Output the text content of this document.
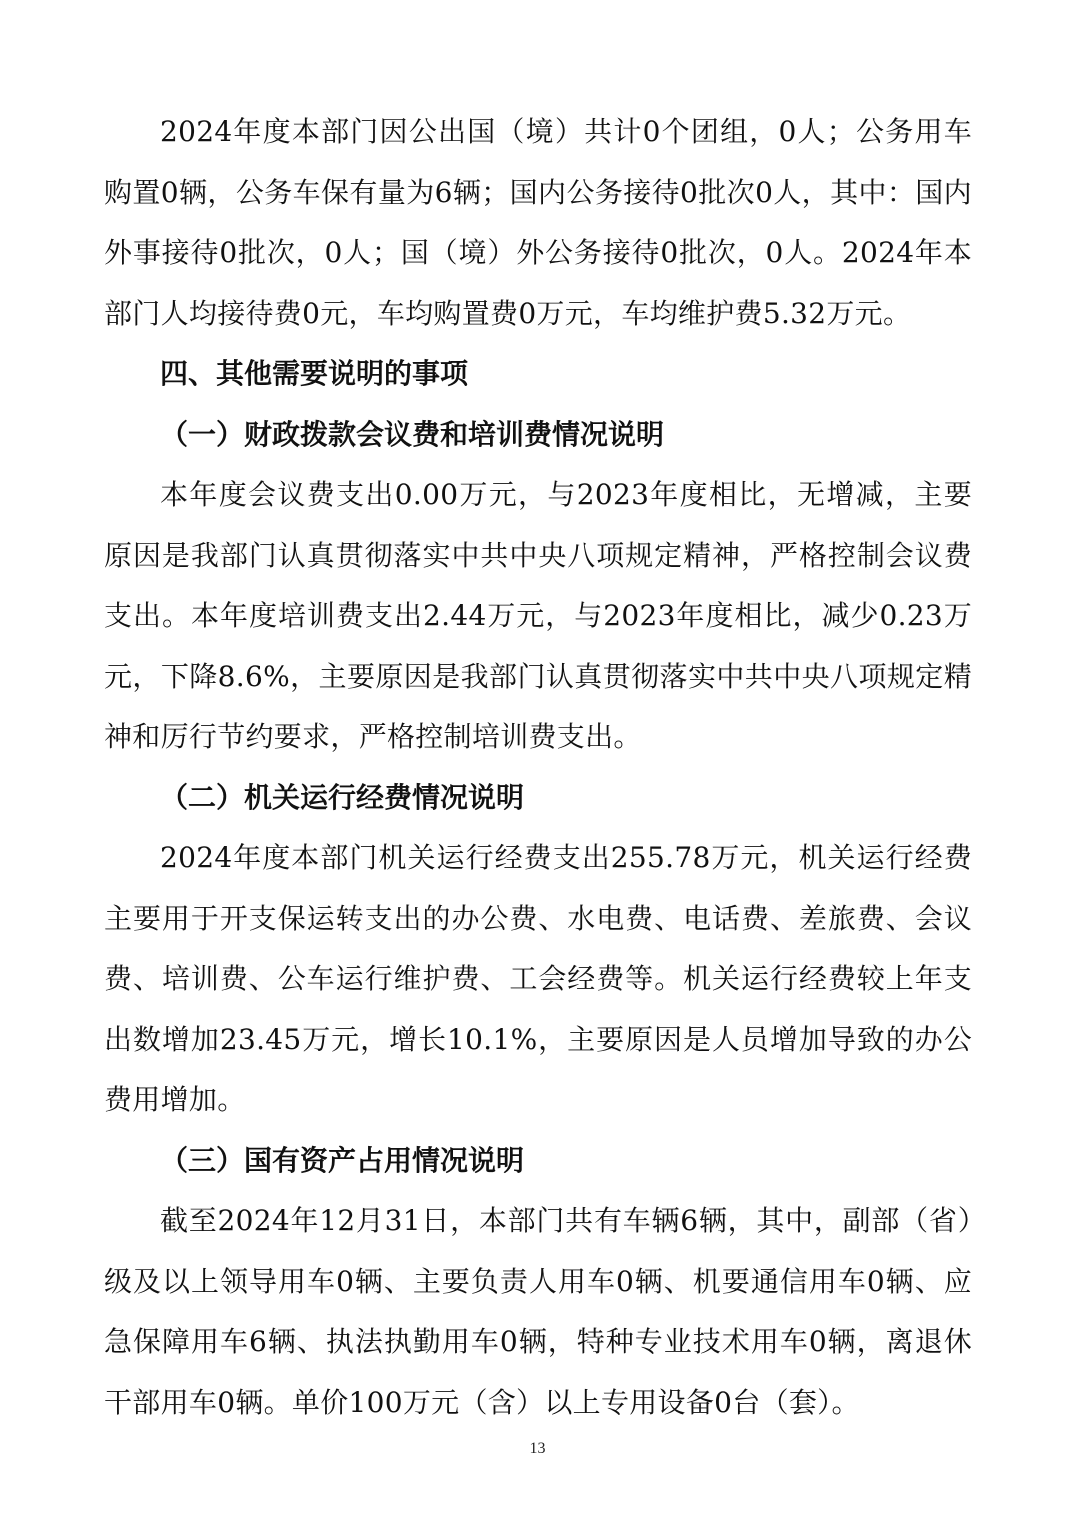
2024年度本部门因公出国（境）共计0个团组，0人；公务用车购置0辆，公务车保有量为6辆；国内公务接待0批次0人，其中：国内外事接待0批次，0人；国（境）外公务接待0批次，0人。2024年本部门人均接待费0元，车均购置费0万元，车均维护费5.32万元。

四、其他需要说明的事项

（一）财政拨款会议费和培训费情况说明

本年度会议费支出0.00万元，与2023年度相比，无增减，主要原因是我部门认真贯彻落实中共中央八项规定精神，严格控制会议费支出。本年度培训费支出2.44万元，与2023年度相比，减少0.23万元，下降8.6%，主要原因是我部门认真贯彻落实中共中央八项规定精神和厉行节约要求，严格控制培训费支出。

（二）机关运行经费情况说明

2024年度本部门机关运行经费支出255.78万元，机关运行经费主要用于开支保运转支出的办公费、水电费、电话费、差旅费、会议费、培训费、公车运行维护费、工会经费等。机关运行经费较上年支出数增加23.45万元，增长10.1%，主要原因是人员增加导致的办公费用增加。

（三）国有资产占用情况说明

截至2024年12月31日，本部门共有车辆6辆，其中，副部（省）级及以上领导用车0辆、主要负责人用车0辆、机要通信用车0辆、应急保障用车6辆、执法执勤用车0辆，特种专业技术用车0辆，离退休干部用车0辆。单价100万元（含）以上专用设备0台（套）。

13
